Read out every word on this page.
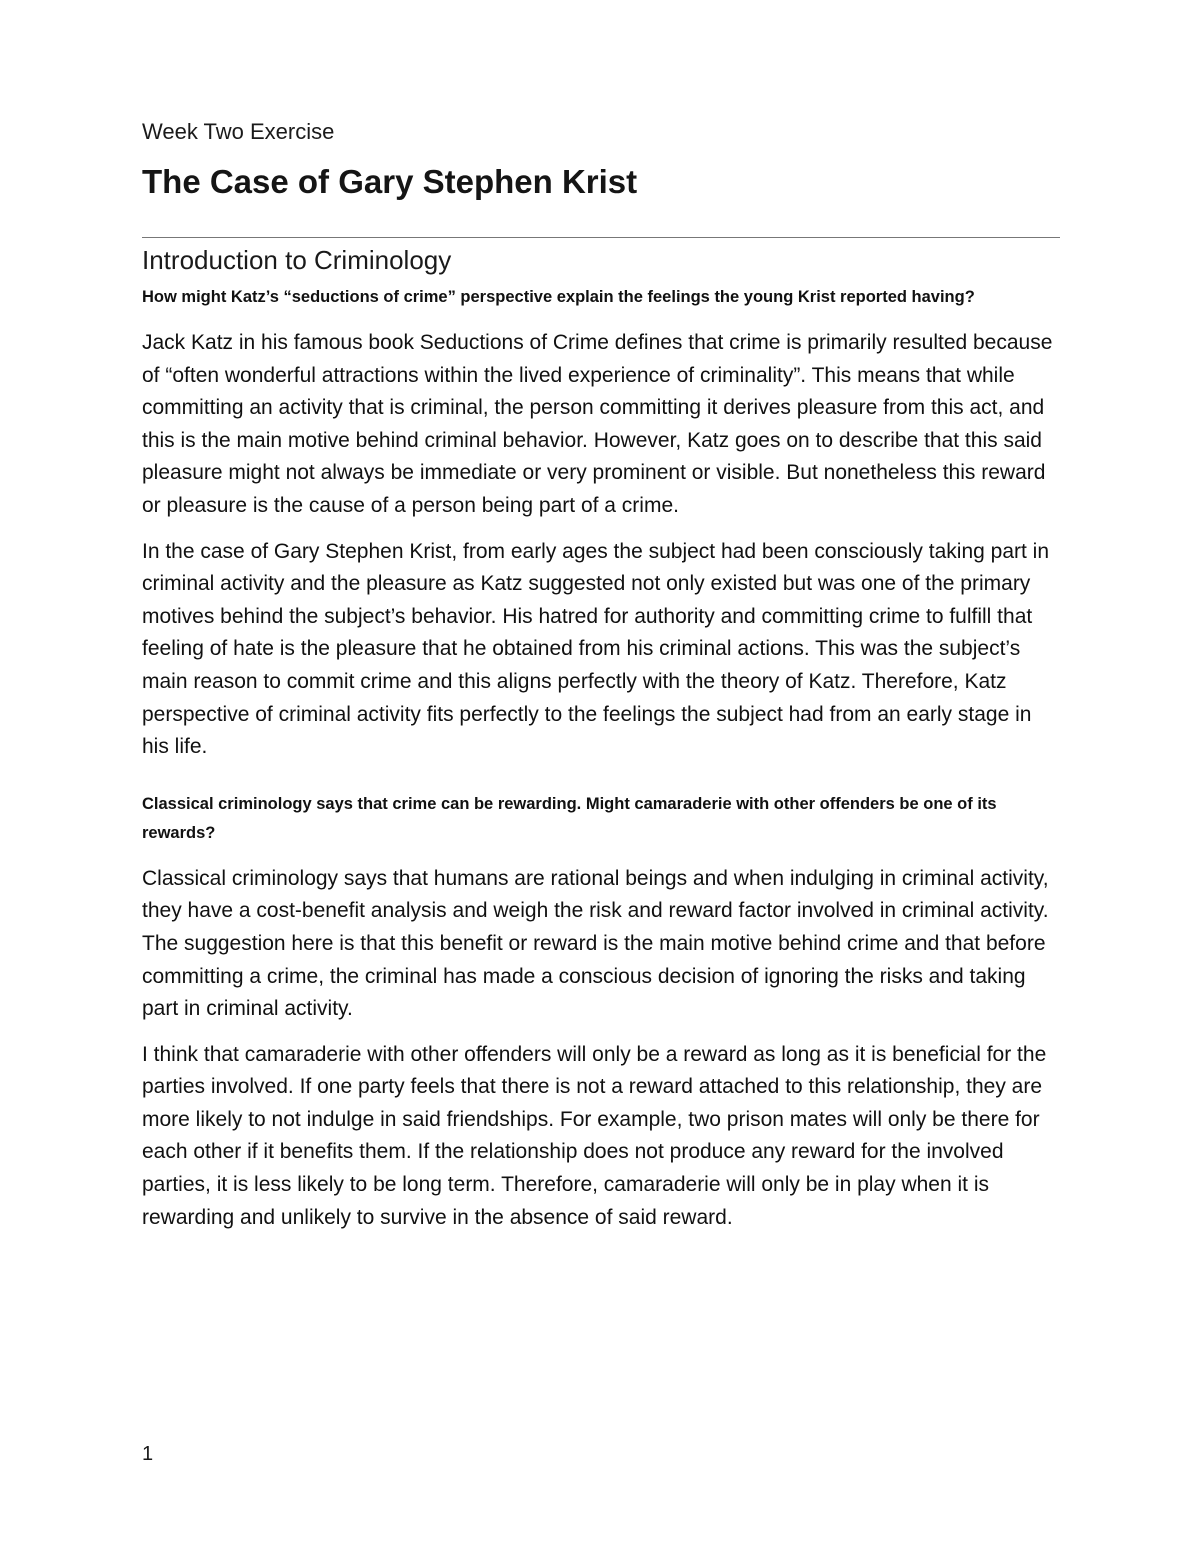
Week Two Exercise
The Case of Gary Stephen Krist
Introduction to Criminology

How might Katz’s “seductions of crime” perspective explain the feelings the young Krist reported having?

Jack Katz in his famous book Seductions of Crime defines that crime is primarily resulted because of “often wonderful attractions within the lived experience of criminality”. This means that while committing an activity that is criminal, the person committing it derives pleasure from this act, and this is the main motive behind criminal behavior. However, Katz goes on to describe that this said pleasure might not always be immediate or very prominent or visible. But nonetheless this reward or pleasure is the cause of a person being part of a crime.

In the case of Gary Stephen Krist, from early ages the subject had been consciously taking part in criminal activity and the pleasure as Katz suggested not only existed but was one of the primary motives behind the subject’s behavior. His hatred for authority and committing crime to fulfill that feeling of hate is the pleasure that he obtained from his criminal actions. This was the subject’s main reason to commit crime and this aligns perfectly with the theory of Katz. Therefore, Katz perspective of criminal activity fits perfectly to the feelings the subject had from an early stage in his life.

Classical criminology says that crime can be rewarding. Might camaraderie with other offenders be one of its rewards?

Classical criminology says that humans are rational beings and when indulging in criminal activity, they have a cost-benefit analysis and weigh the risk and reward factor involved in criminal activity. The suggestion here is that this benefit or reward is the main motive behind crime and that before committing a crime, the criminal has made a conscious decision of ignoring the risks and taking part in criminal activity.

I think that camaraderie with other offenders will only be a reward as long as it is beneficial for the parties involved. If one party feels that there is not a reward attached to this relationship, they are more likely to not indulge in said friendships. For example, two prison mates will only be there for each other if it benefits them. If the relationship does not produce any reward for the involved parties, it is less likely to be long term. Therefore, camaraderie will only be in play when it is rewarding and unlikely to survive in the absence of said reward.

1
